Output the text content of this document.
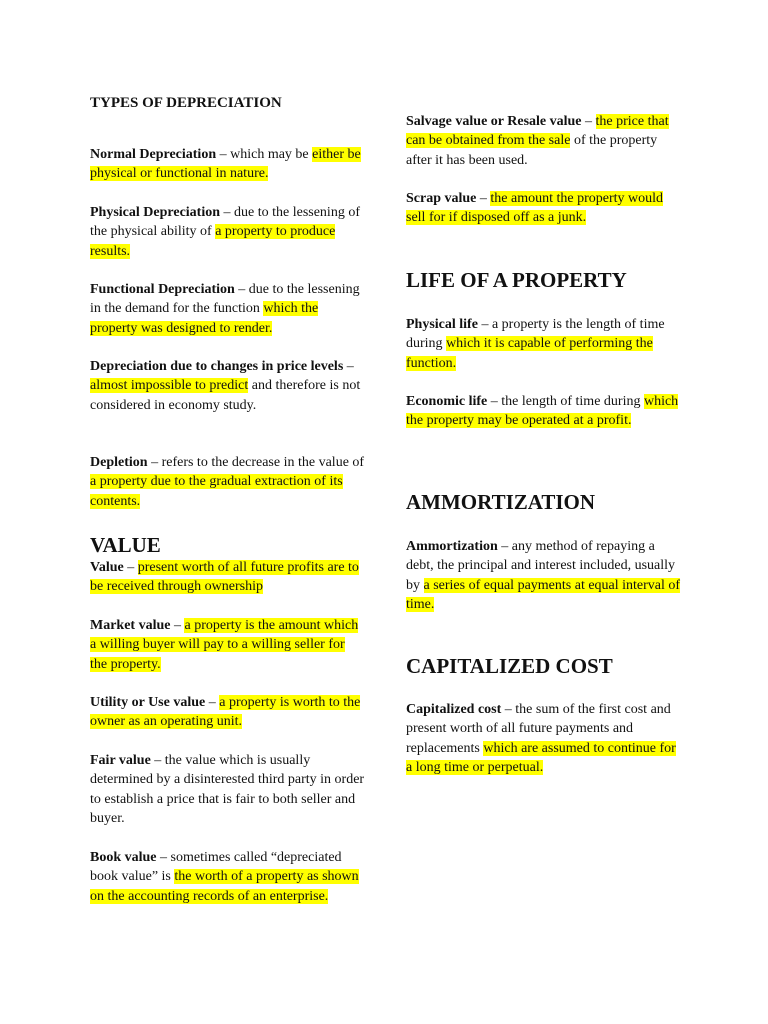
TYPES OF DEPRECIATION

Normal Depreciation – which may be either be physical or functional in nature.

Physical Depreciation – due to the lessening of the physical ability of a property to produce results.

Functional Depreciation – due to the lessening in the demand for the function which the property was designed to render.

Depreciation due to changes in price levels – almost impossible to predict and therefore is not considered in economy study.

Depletion – refers to the decrease in the value of a property due to the gradual extraction of its contents.

VALUE

Value – present worth of all future profits are to be received through ownership

Market value – a property is the amount which a willing buyer will pay to a willing seller for the property.

Utility or Use value – a property is worth to the owner as an operating unit.

Fair value – the value which is usually determined by a disinterested third party in order to establish a price that is fair to both seller and buyer.

Book value – sometimes called “depreciated book value” is the worth of a property as shown on the accounting records of an enterprise.

Salvage value or Resale value – the price that can be obtained from the sale of the property after it has been used.

Scrap value – the amount the property would sell for if disposed off as a junk.

LIFE OF A PROPERTY

Physical life – a property is the length of time during which it is capable of performing the function.

Economic life – the length of time during which the property may be operated at a profit.

AMMORTIZATION

Ammortization – any method of repaying a debt, the principal and interest included, usually by a series of equal payments at equal interval of time.

CAPITALIZED COST

Capitalized cost – the sum of the first cost and present worth of all future payments and replacements which are assumed to continue for a long time or perpetual.
